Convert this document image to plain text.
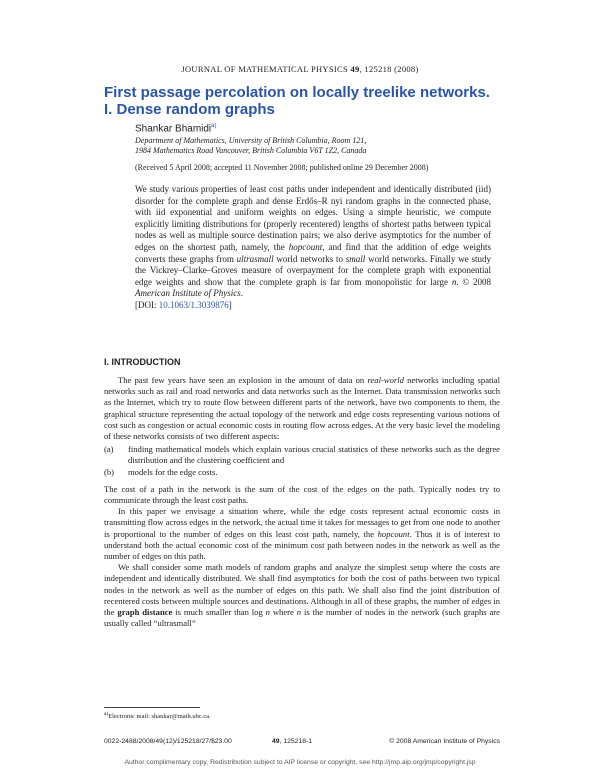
JOURNAL OF MATHEMATICAL PHYSICS 49, 125218 (2008)
First passage percolation on locally treelike networks.
I. Dense random graphs
Shankar Bhamidi$^{a)}$
Department of Mathematics, University of British Columbia, Room 121,
1984 Mathematics Road Vancouver, British Columbia V6T 1Z2, Canada
(Received 5 April 2008; accepted 11 November 2008; published online 29 December 2008)

We study various properties of least cost paths under independent and identically distributed (iid) disorder for the complete graph and dense Erdős–R nyi random graphs in the connected phase, with iid exponential and uniform weights on edges. Using a simple heuristic, we compute explicitly limiting distributions for (properly recentered) lengths of shortest paths between typical nodes as well as multiple source destination pairs; we also derive asymptotics for the number of edges on the shortest path, namely, the hopcount, and find that the addition of edge weights converts these graphs from ultrasmall world networks to small world networks. Finally we study the Vickrey–Clarke–Groves measure of overpayment for the complete graph with exponential edge weights and show that the complete graph is far from monopolistic for large n. © 2008 American Institute of Physics.

[DOI: 10.1063/1.3039876]

I. INTRODUCTION

The past few years have seen an explosion in the amount of data on real-world networks including spatial networks such as rail and road networks and data networks such as the Internet. Data transmission networks such as the Internet, which try to route flow between different parts of the network, have two components to them, the graphical structure representing the actual topology of the network and edge costs representing various notions of cost such as congestion or actual economic costs in routing flow across edges. At the very basic level the modeling of these networks consists of two different aspects:

(a)	finding mathematical models which explain various crucial statistics of these networks such as the degree distribution and the clustering coefficient and
(b)	models for the edge costs.

The cost of a path in the network is the sum of the cost of the edges on the path. Typically nodes try to communicate through the least cost paths.

In this paper we envisage a situation where, while the edge costs represent actual economic costs in transmitting flow across edges in the network, the actual time it takes for messages to get from one node to another is proportional to the number of edges on this least cost path, namely, the hopcount. Thus it is of interest to understand both the actual economic cost of the minimum cost path between nodes in the network as well as the number of edges on this path.

We shall consider some math models of random graphs and analyze the simplest setup where the costs are independent and identically distributed. We shall find asymptotics for both the cost of paths between two typical nodes in the network as well as the number of edges on this path. We shall also find the joint distribution of recentered costs between multiple sources and destinations. Although in all of these graphs, the number of edges in the graph distance is much smaller than log n where n is the number of nodes in the network (such graphs are usually called “ultrasmall”

$^{a)}$Electronic mail: shankar@math.ubc.ca.
0022-2488/2008/49(12)/125218/27/$23.00	49, 125218-1	© 2008 American Institute of Physics
Author complimentary copy. Redistribution subject to AIP license or copyright, see http://jmp.aip.org/jmp/copyright.jsp
